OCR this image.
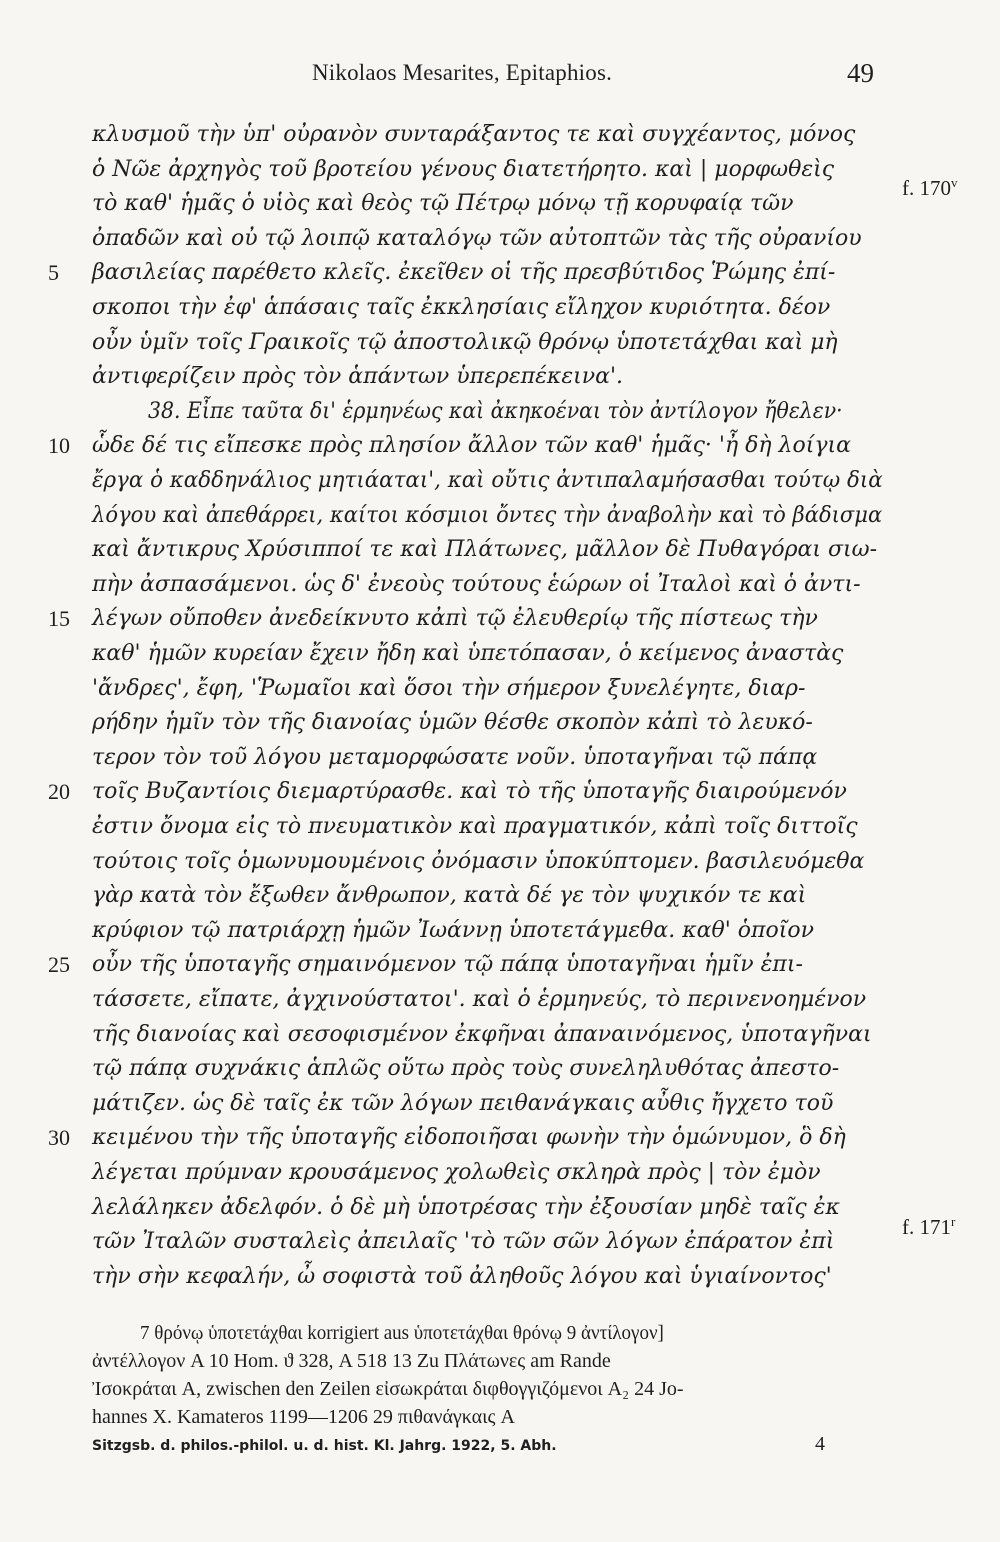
Nikolaos Mesarites, Epitaphios.	49
κλυσμοῦ τὴν ὑπ' οὐρανὸν συνταράξαντος τε καὶ συγχέαντος, μόνος
ὁ Νῶε ἀρχηγὸς τοῦ βροτείου γένους διατετήρητο. καὶ | μορφωθεὶς
τὸ καθ' ἡμᾶς ὁ υἱὸς καὶ θεὸς τῷ Πέτρῳ μόνῳ τῇ κορυφαίᾳ τῶν
ὀπαδῶν καὶ οὐ τῷ λοιπῷ καταλόγῳ τῶν αὐτοπτῶν τὰς τῆς οὐρανίου
5	βασιλείας παρέθετο κλεῖς. ἐκεῖθεν οἱ τῆς πρεσβύτιδος Ῥώμης ἐπί-
σκοποι τὴν ἐφ' ἁπάσαις ταῖς ἐκκλησίαις εἴληχον κυριότητα. δέον
οὖν ὑμῖν τοῖς Γραικοῖς τῷ ἀποστολικῷ θρόνῳ ὑποτετάχθαι καὶ μὴ
ἀντιφερίζειν πρὸς τὸν ἁπάντων ὑπερεπέκεινα'.
38. Εἶπε ταῦτα δι' ἑρμηνέως καὶ ἀκηκοέναι τὸν ἀντίλογον ἤθελεν·
10	ὧδε δέ τις εἴπεσκε πρὸς πλησίον ἄλλον τῶν καθ' ἡμᾶς· 'ἦ δὴ λοίγια
ἔργα ὁ καδδηνάλιος μητιάαται', καὶ οὔτις ἀντιπαλαμήσασθαι τούτῳ διὰ
λόγου καὶ ἀπεθάρρει, καίτοι κόσμιοι ὄντες τὴν ἀναβολὴν καὶ τὸ βάδισμα
καὶ ἄντικρυς Χρύσιπποί τε καὶ Πλάτωνες, μᾶλλον δὲ Πυθαγόραι σιω-
πὴν ἀσπασάμενοι. ὡς δ' ἐνεοὺς τούτους ἑώρων οἱ Ἰταλοὶ καὶ ὁ ἀντι-
15	λέγων οὔποθεν ἀνεδείκνυτο κἀπὶ τῷ ἐλευθερίῳ τῆς πίστεως τὴν
καθ' ἡμῶν κυρείαν ἔχειν ἤδη καὶ ὑπετόπασαν, ὁ κείμενος ἀναστὰς
'ἄνδρες', ἔφη, 'Ῥωμαῖοι καὶ ὅσοι τὴν σήμερον ξυνελέγητε, διαρ-
ρήδην ἡμῖν τὸν τῆς διανοίας ὑμῶν θέσθε σκοπὸν κἀπὶ τὸ λευκό-
τερον τὸν τοῦ λόγου μεταμορφώσατε νοῦν. ὑποταγῆναι τῷ πάπᾳ
20	τοῖς Βυζαντίοις διεμαρτύρασθε. καὶ τὸ τῆς ὑποταγῆς διαιρούμενόν
ἐστιν ὄνομα εἰς τὸ πνευματικὸν καὶ πραγματικόν, κἀπὶ τοῖς διττοῖς
τούτοις τοῖς ὁμωνυμουμένοις ὀνόμασιν ὑποκύπτομεν. βασιλευόμεθα
γὰρ κατὰ τὸν ἔξωθεν ἄνθρωπον, κατὰ δέ γε τὸν ψυχικόν τε καὶ
κρύφιον τῷ πατριάρχῃ ἡμῶν Ἰωάννῃ ὑποτετάγμεθα. καθ' ὁποῖον
25	οὖν τῆς ὑποταγῆς σημαινόμενον τῷ πάπᾳ ὑποταγῆναι ἡμῖν ἐπι-
τάσσετε, εἴπατε, ἀγχινούστατοι'. καὶ ὁ ἑρμηνεύς, τὸ περινενοημένον
τῆς διανοίας καὶ σεσοφισμένον ἐκφῆναι ἀπαναινόμενος, ὑποταγῆναι
τῷ πάπᾳ συχνάκις ἁπλῶς οὕτω πρὸς τοὺς συνεληλυθότας ἀπεστο-
μάτιζεν. ὡς δὲ ταῖς ἐκ τῶν λόγων πειθανάγκαις αὖθις ἤγχετο τοῦ
30	κειμένου τὴν τῆς ὑποταγῆς εἰδοποιῆσαι φωνὴν τὴν ὁμώνυμον, ὃ δὴ
λέγεται πρύμναν κρουσάμενος χολωθεὶς σκληρὰ πρὸς | τὸν ἐμὸν
λελάληκεν ἀδελφόν. ὁ δὲ μὴ ὑποτρέσας τὴν ἐξουσίαν μηδὲ ταῖς ἐκ
τῶν Ἰταλῶν συσταλεὶς ἀπειλαῖς 'τὸ τῶν σῶν λόγων ἐπάρατον ἐπὶ
τὴν σὴν κεφαλήν, ὦ σοφιστὰ τοῦ ἀληθοῦς λόγου καὶ ὑγιαίνοντος'
f. 170$^v$
f. 171$^r$
7 θρόνῳ ὑποτετάχθαι korrigiert aus ὑποτετάχθαι θρόνῳ 9 ἀντίλογον]
ἀντέλλογον A 10 Hom. ϑ 328, A 518 13 Zu Πλάτωνες am Rande
Ἰσοκράται A, zwischen den Zeilen εἰσωκράται διφθογγιζόμενοι A₂ 24 Jo-
hannes X. Kamateros 1199—1206 29 πιθανάγκαις A
Sitzgsb. d. philos.-philol. u. d. hist. Kl. Jahrg. 1922, 5. Abh.	4
